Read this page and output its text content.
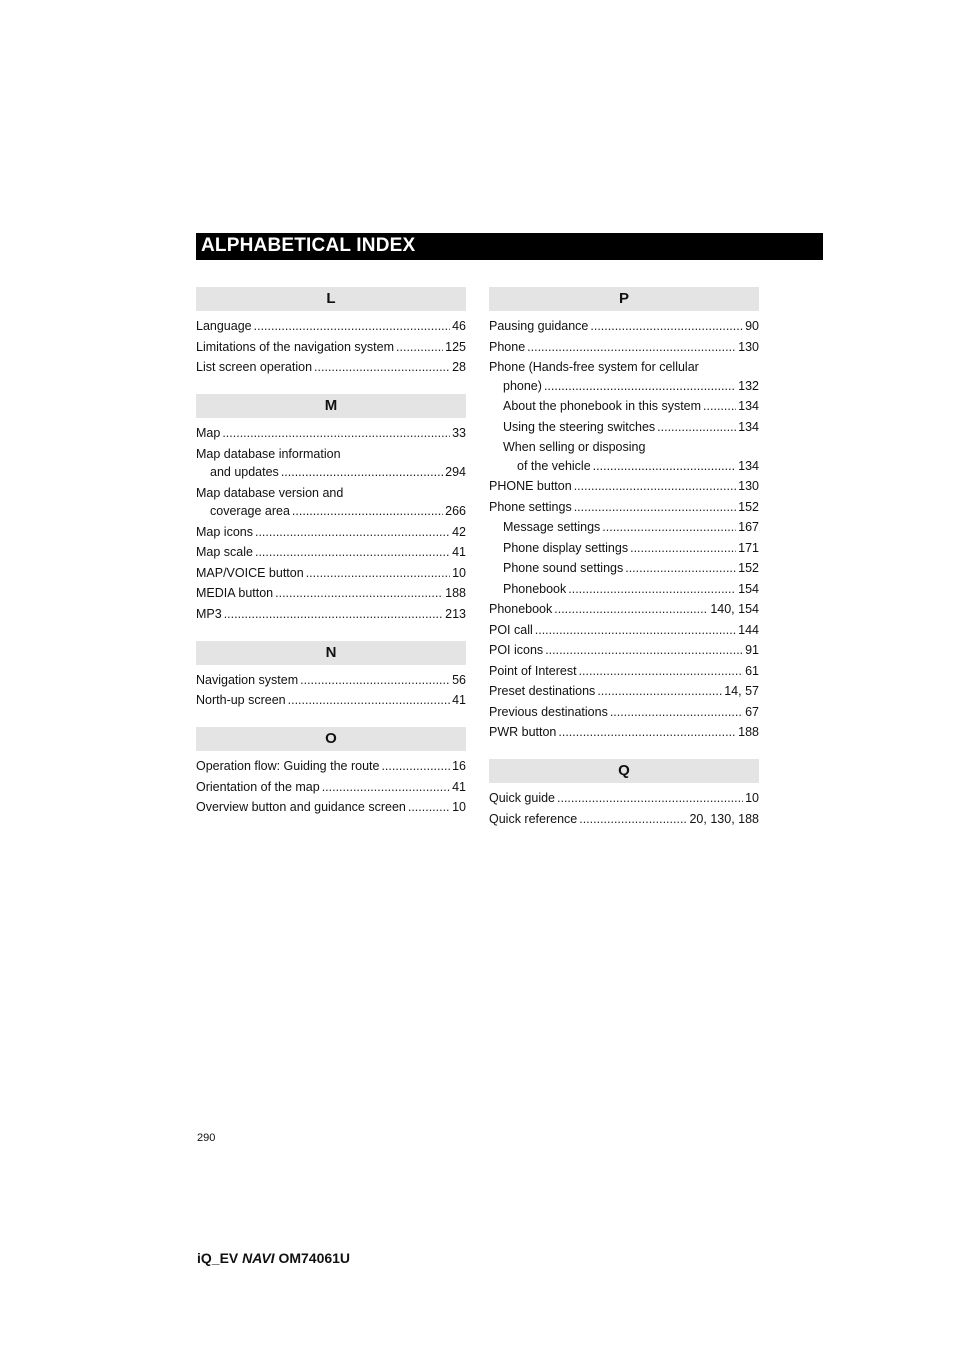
ALPHABETICAL INDEX
L
Language .....	46
Limitations of the navigation system .....	125
List screen operation .....	28
M
Map .....	33
Map database information
and updates .....	294
Map database version and
coverage area .....	266
Map icons .....	42
Map scale .....	41
MAP/VOICE button .....	10
MEDIA button .....	188
MP3 .....	213
N
Navigation system .....	56
North-up screen .....	41
O
Operation flow: Guiding the route .....	16
Orientation of the map .....	41
Overview button and guidance screen .....	10
P
Pausing guidance .....	90
Phone .....	130
Phone (Hands-free system for cellular
phone) .....	132
About the phonebook in this system .....	134
Using the steering switches .....	134
When selling or disposing
of the vehicle .....	134
PHONE button .....	130
Phone settings .....	152
Message settings .....	167
Phone display settings .....	171
Phone sound settings .....	152
Phonebook .....	154
Phonebook .....	140, 154
POI call .....	144
POI icons .....	91
Point of Interest .....	61
Preset destinations .....	14, 57
Previous destinations .....	67
PWR button .....	188
Q
Quick guide .....	10
Quick reference .....	20, 130, 188
290
iQ_EV NAVI OM74061U
